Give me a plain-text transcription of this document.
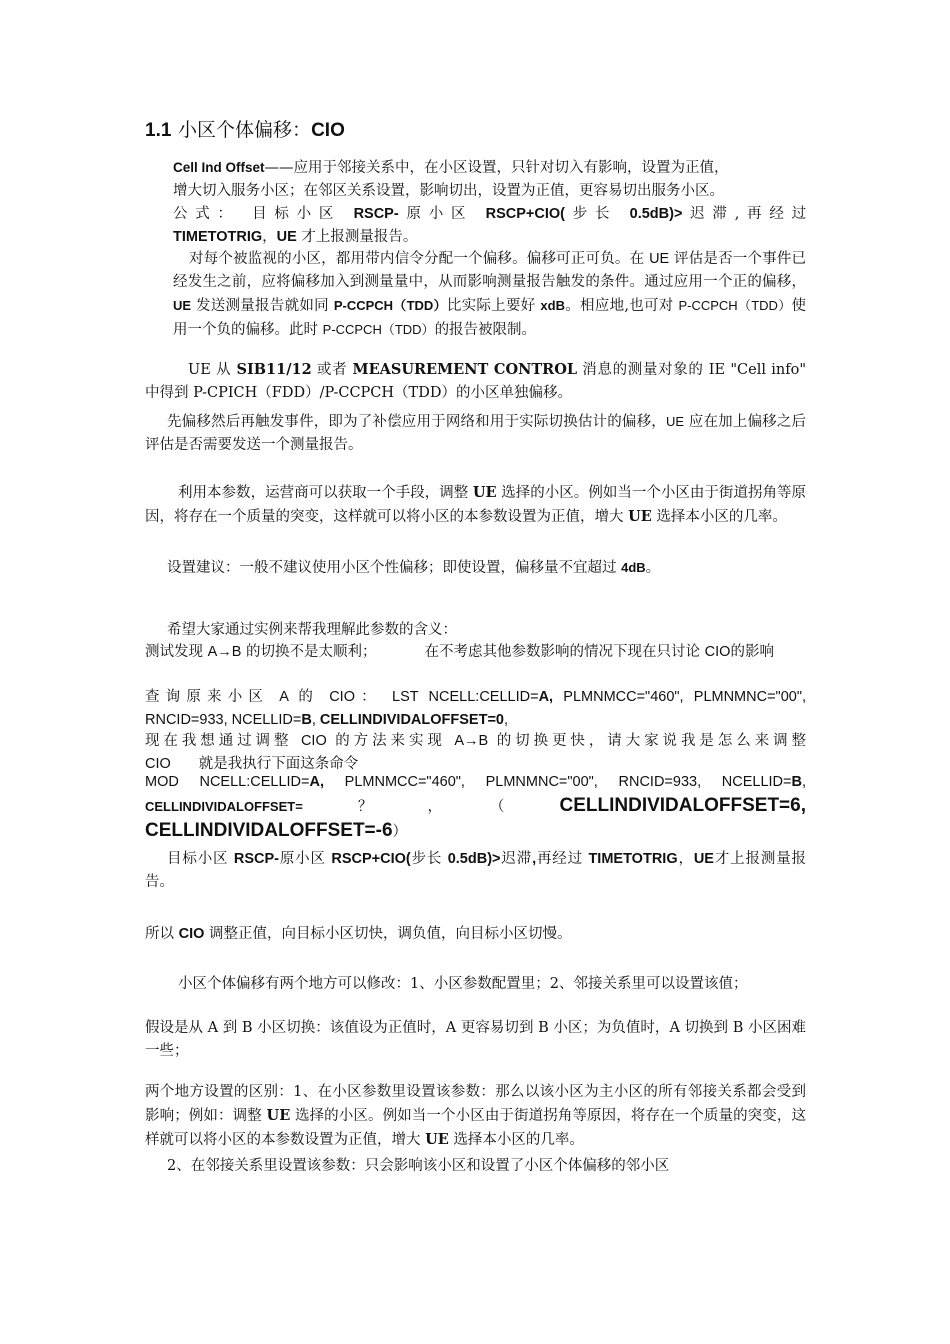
1.1 小区个体偏移：CIO

Cell Ind Offset——应用于邻接关系中，在小区设置，只针对切入有影响，设置为正值，

增大切入服务小区；在邻区关系设置，影响切出，设置为正值，更容易切出服务小区。

公式： 目标小区 RSCP-原小区 RSCP+CIO(步长 0.5dB)>迟滞,再经过

TIMETOTRIG，UE 才上报测量报告。

对每个被监视的小区，都用带内信令分配一个偏移。偏移可正可负。在 UE 评估是否一个事件已经发生之前，应将偏移加入到测量量中，从而影响测量报告触发的条件。通过应用一个正的偏移，UE 发送测量报告就如同 P-CCPCH（TDD）比实际上要好 xdB。相应地,也可对 P-CCPCH（TDD）使用一个负的偏移。此时 P-CCPCH（TDD）的报告被限制。

UE 从 SIB11/12 或者 MEASUREMENT CONTROL 消息的测量对象的 IE "Cell info" 中得到 P-CPICH（FDD）/P-CCPCH（TDD）的小区单独偏移。

先偏移然后再触发事件，即为了补偿应用于网络和用于实际切换估计的偏移，UE 应在加上偏移之后评估是否需要发送一个测量报告。

利用本参数，运营商可以获取一个手段，调整 UE 选择的小区。例如当一个小区由于街道拐角等原因，将存在一个质量的突变，这样就可以将小区的本参数设置为正值，增大 UE 选择本小区的几率。

设置建议：一般不建议使用小区个性偏移；即使设置，偏移量不宜超过 4dB。

希望大家通过实例来帮我理解此参数的含义：

测试发现 A→B 的切换不是太顺利；	在不考虑其他参数影响的情况下现在只讨论 CIO的影响

查询原来小区 A 的 CIO： LST NCELL:CELLID=A, PLMNMCC="460", PLMNMNC="00",

RNCID=933, NCELLID=B, CELLINDIVIDALOFFSET=0,

现在我想通过调整 CIO 的方法来实现 A→B 的切换更快，请大家说我是怎么来调整

CIO 就是我执行下面这条命令

MOD NCELL:CELLID=A, PLMNMCC="460", PLMNMNC="00", RNCID=933, NCELLID=B,

CELLINDIVIDALOFFSET=？，（CELLINDIVIDALOFFSET=6,

CELLINDIVIDALOFFSET=-6）

目标小区 RSCP-原小区 RSCP+CIO(步长 0.5dB)>迟滞,再经过 TIMETOTRIG，UE才上报测量报告。

所以 CIO 调整正值，向目标小区切快，调负值，向目标小区切慢。

小区个体偏移有两个地方可以修改：1、小区参数配置里；2、邻接关系里可以设置该值；

假设是从 A 到 B 小区切换：该值设为正值时，A 更容易切到 B 小区；为负值时，A 切换到 B 小区困难一些；

两个地方设置的区别：1、在小区参数里设置该参数：那么以该小区为主小区的所有邻接关系都会受到影响；例如：调整 UE 选择的小区。例如当一个小区由于街道拐角等原因，将存在一个质量的突变，这样就可以将小区的本参数设置为正值，增大 UE 选择本小区的几率。

2、在邻接关系里设置该参数：只会影响该小区和设置了小区个体偏移的邻小区
